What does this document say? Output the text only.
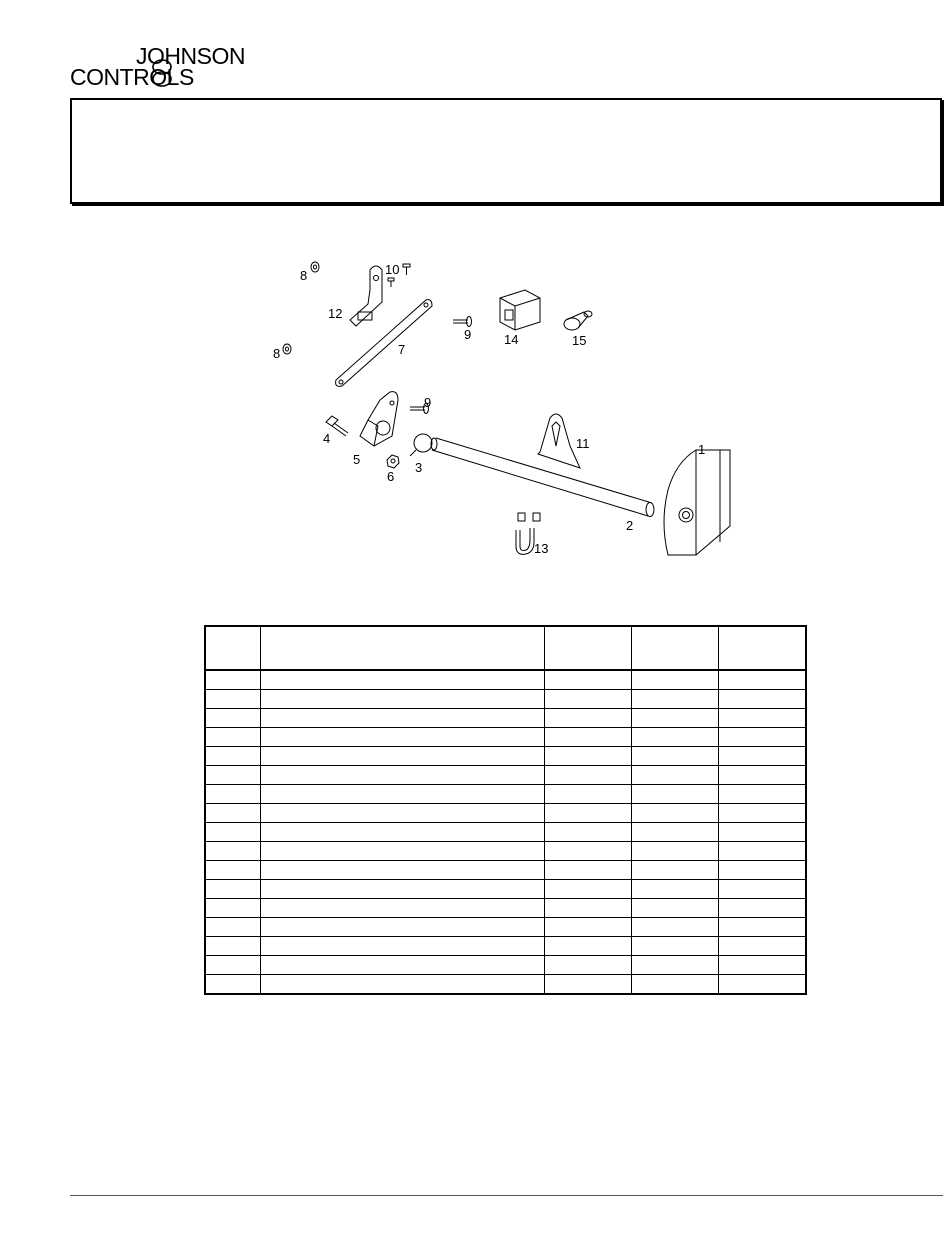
JOHNSON
CONTROLS
1
2
3
4
5
6
7
8
8
9
9
10
11
12
13
14	15
